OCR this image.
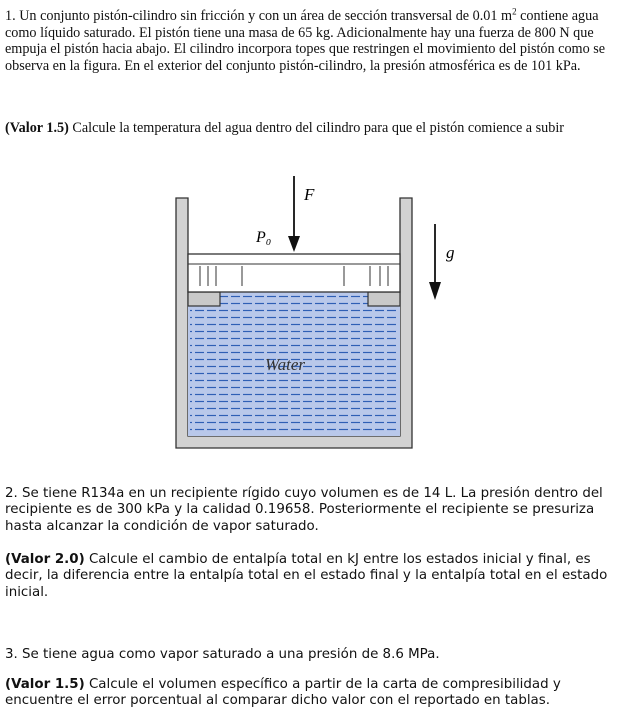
1. Un conjunto pistón-cilindro sin fricción y con un área de sección transversal de 0.01 $m^2$ contiene agua como líquido saturado. El pistón tiene una masa de 65 kg. Adicionalmente hay una fuerza de 800 N que empuja el pistón hacia abajo. El cilindro incorpora topes que restringen el movimiento del pistón como se observa en la figura. En el exterior del conjunto pistón-cilindro, la presión atmosférica es de 101 kPa.
(Valor 1.5) Calcule la temperatura del agua dentro del cilindro para que el pistón comience a subir
F
P₀
g
Water
2. Se tiene R134a en un recipiente rígido cuyo volumen es de 14 L. La presión dentro del recipiente es de 300 kPa y la calidad 0.19658. Posteriormente el recipiente se presuriza hasta alcanzar la condición de vapor saturado.
(Valor 2.0) Calcule el cambio de entalpía total en kJ entre los estados inicial y final, es decir, la diferencia entre la entalpía total en el estado final y la entalpía total en el estado inicial.
3. Se tiene agua como vapor saturado a una presión de 8.6 MPa.
(Valor 1.5) Calcule el volumen específico a partir de la carta de compresibilidad y encuentre el error porcentual al comparar dicho valor con el reportado en tablas.
